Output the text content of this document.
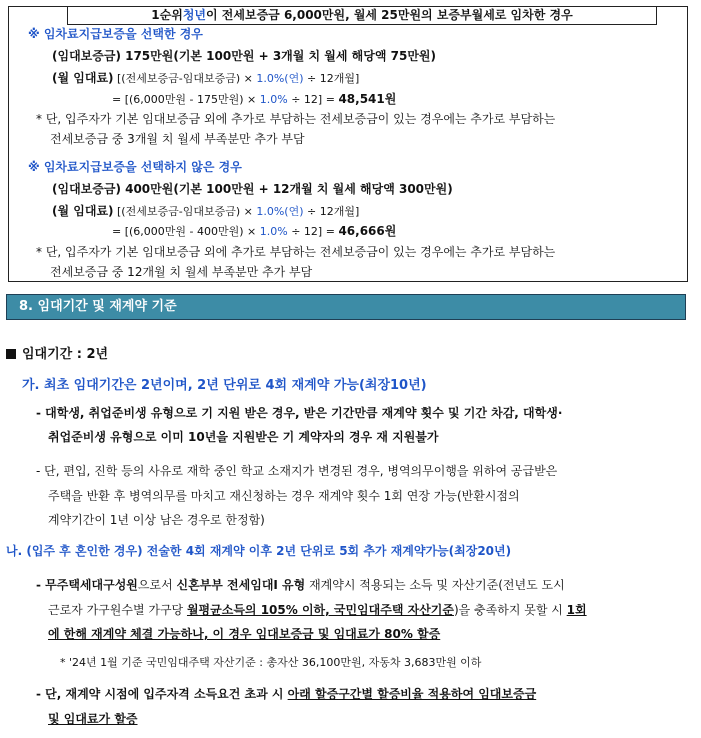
1순위청년이 전세보증금 6,000만원, 월세 25만원의 보증부월세로 임차한 경우
※ 임차료지급보증을 선택한 경우
(임대보증금) 175만원(기본 100만원 + 3개월 치 월세 해당액 75만원)
(월 임대료) [(전세보증금-임대보증금) × 1.0%(연) ÷ 12개월]
= [(6,000만원 - 175만원) × 1.0% ÷ 12] = 48,541원
* 단, 입주자가 기본 임대보증금 외에 추가로 부담하는 전세보증금이 있는 경우에는 추가로 부담하는
전세보증금 중 3개월 치 월세 부족분만 추가 부담
※ 임차료지급보증을 선택하지 않은 경우
(임대보증금) 400만원(기본 100만원 + 12개월 치 월세 해당액 300만원)
(월 임대료) [(전세보증금-임대보증금) × 1.0%(연) ÷ 12개월]
= [(6,000만원 - 400만원) × 1.0% ÷ 12] = 46,666원
* 단, 입주자가 기본 임대보증금 외에 추가로 부담하는 전세보증금이 있는 경우에는 추가로 부담하는
전세보증금 중 12개월 치 월세 부족분만 추가 부담
8. 임대기간 및 재계약 기준
임대기간 : 2년
가. 최초 임대기간은 2년이며, 2년 단위로 4회 재계약 가능(최장10년)
- 대학생, 취업준비생 유형으로 기 지원 받은 경우, 받은 기간만큼 재계약 횟수 및 기간 차감, 대학생·
취업준비생 유형으로 이미 10년을 지원받은 기 계약자의 경우 재 지원불가
- 단, 편입, 진학 등의 사유로 재학 중인 학교 소재지가 변경된 경우, 병역의무이행을 위하여 공급받은
주택을 반환 후 병역의무를 마치고 재신청하는 경우 재계약 횟수 1회 연장 가능(반환시점의
계약기간이 1년 이상 남은 경우로 한정함)
나. (입주 후 혼인한 경우) 전술한 4회 재계약 이후 2년 단위로 5회 추가 재계약가능(최장20년)
- 무주택세대구성원으로서 신혼부부 전세임대Ⅰ 유형 재계약시 적용되는 소득 및 자산기준(전년도 도시
근로자 가구원수별 가구당 월평균소득의 105% 이하, 국민임대주택 자산기준)을 충족하지 못할 시 1회
에 한해 재계약 체결 가능하나, 이 경우 임대보증금 및 임대료가 80% 할증
* '24년 1월 기준 국민임대주택 자산기준 : 총자산 36,100만원, 자동차 3,683만원 이하
- 단, 재계약 시점에 입주자격 소득요건 초과 시 아래 할증구간별 할증비율 적용하여 임대보증금
및 임대료가 할증
